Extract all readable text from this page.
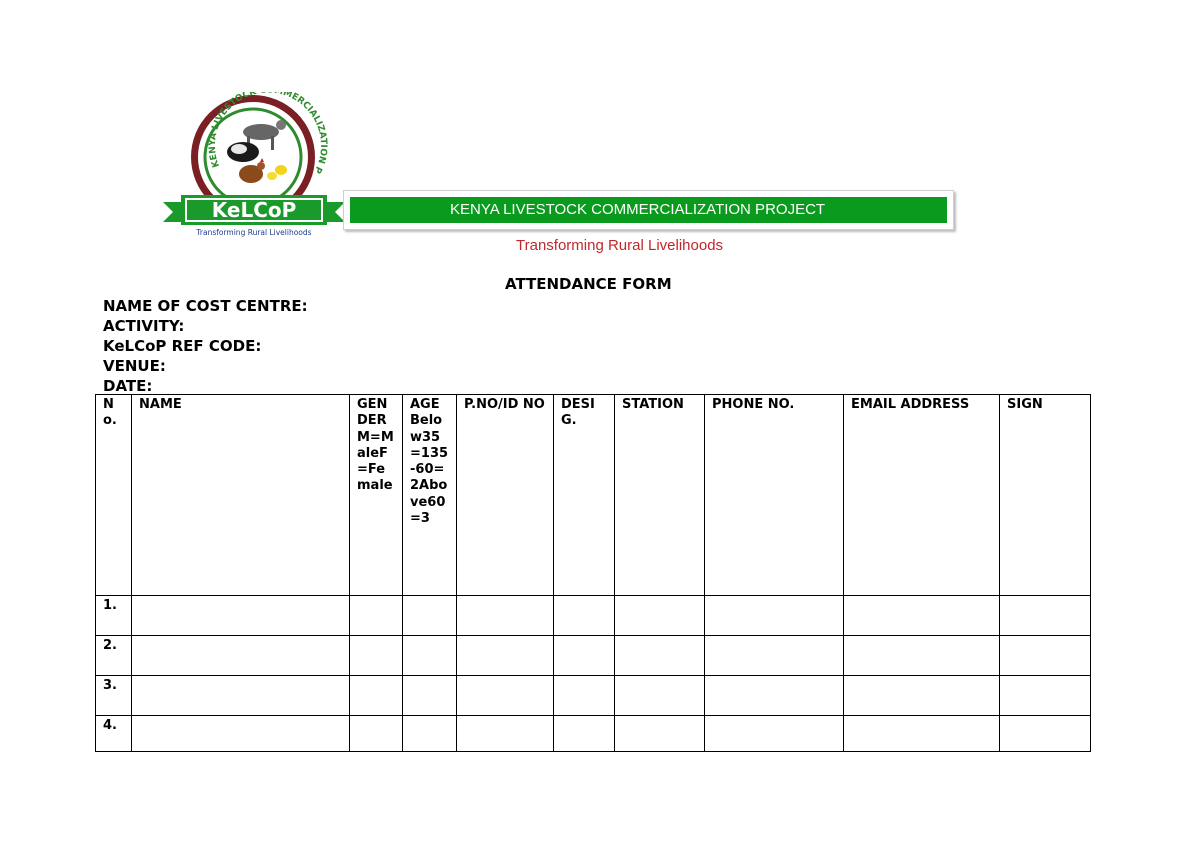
KENYA LIVESTOCK MERCIALIZATION P
KeLCoP
Transforming Rural Livelihoods
KENYA LIVESTOCK COMMERCIALIZATION PROJECT
Transforming Rural Livelihoods
ATTENDANCE FORM
NAME OF COST CENTRE:
ACTIVITY:
KeLCoP REF CODE:
VENUE:
DATE:
No.	NAME	GENDERM=MaleF=Female	AGE Below35=135-60=2Above60=3	P.NO/ID NO	DESIG.	STATION	PHONE NO.	EMAIL ADDRESS	SIGN
1.									
2.									
3.									
4.									
